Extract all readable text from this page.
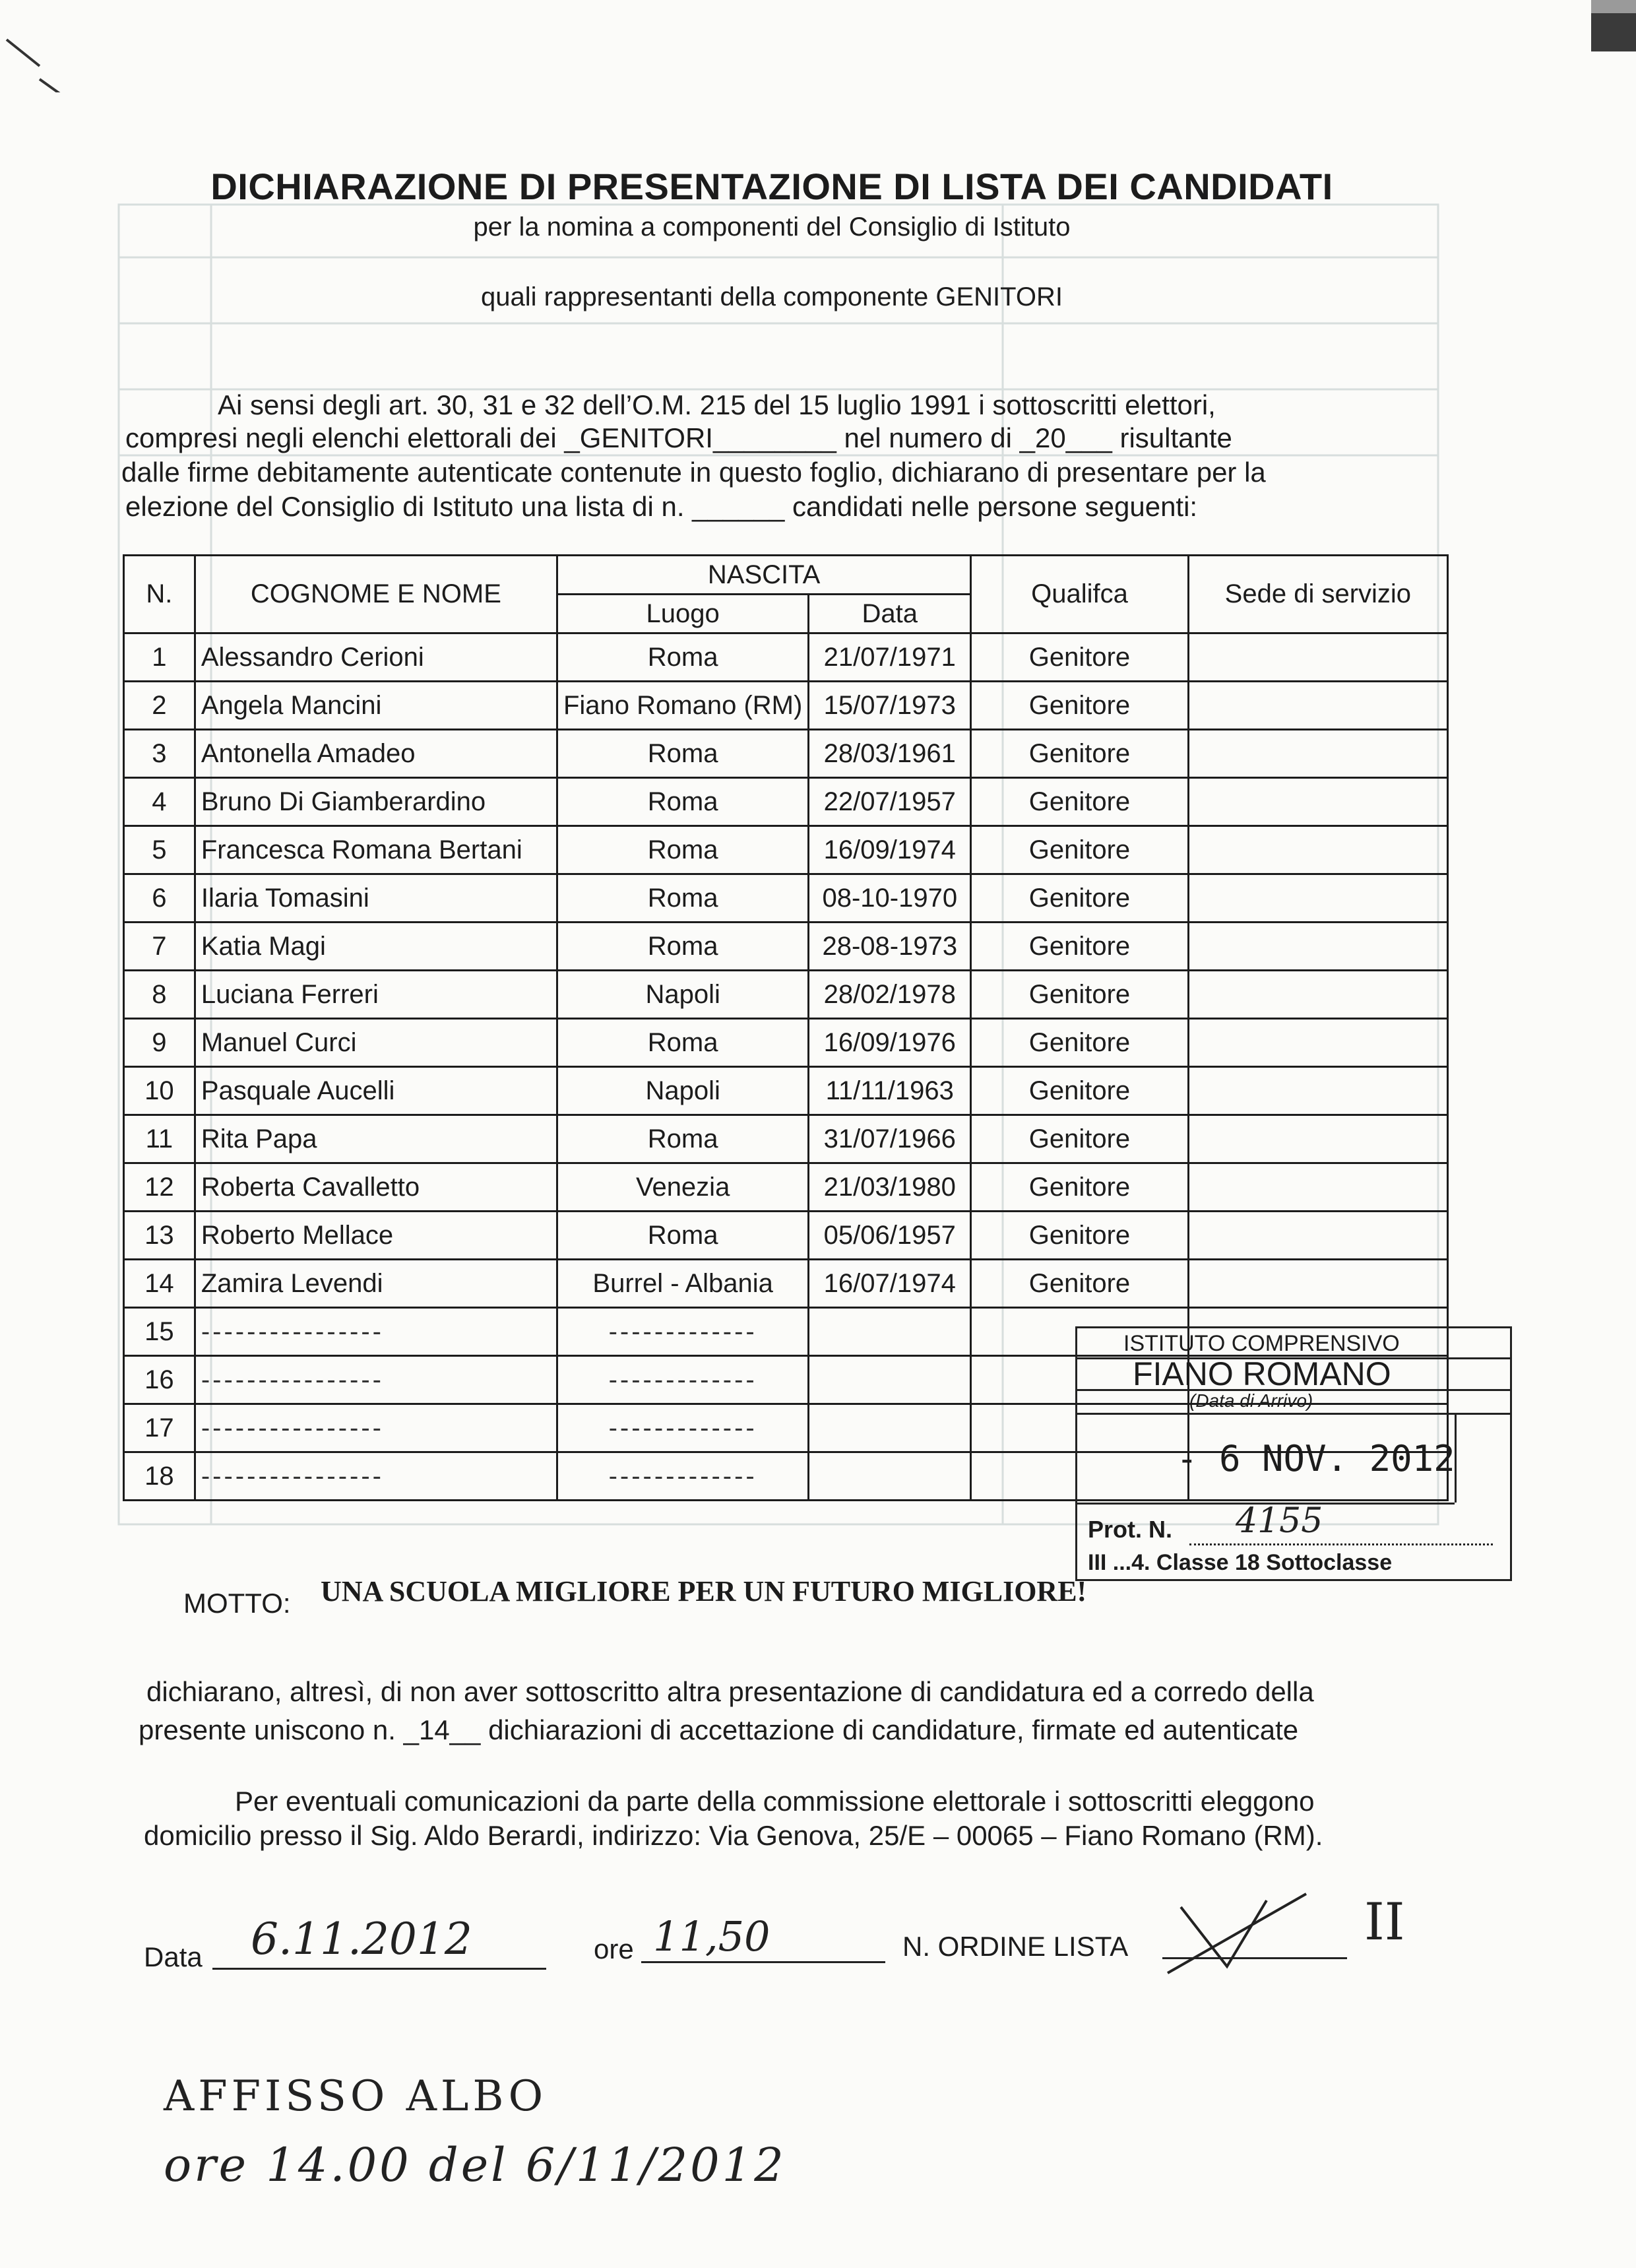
DICHIARAZIONE DI PRESENTAZIONE DI LISTA DEI CANDIDATI
per la nomina a componenti del Consiglio di Istituto
quali rappresentanti della componente GENITORI
Ai sensi degli art. 30, 31 e 32 dell’O.M. 215 del 15 luglio 1991 i sottoscritti elettori,
compresi negli elenchi elettorali dei _GENITORI________ nel numero di _20___ risultante
dalle firme debitamente autenticate contenute in questo foglio, dichiarano di presentare per la
elezione del Consiglio di Istituto una lista di n. ______ candidati nelle persone seguenti:
N.	COGNOME E NOME	NASCITA		Qualifca	Sede di servizio
		Luogo	Data		
1	Alessandro Cerioni	Roma	21/07/1971	Genitore	
2	Angela Mancini	Fiano Romano (RM)	15/07/1973	Genitore	
3	Antonella Amadeo	Roma	28/03/1961	Genitore	
4	Bruno Di Giamberardino	Roma	22/07/1957	Genitore	
5	Francesca Romana Bertani	Roma	16/09/1974	Genitore	
6	Ilaria Tomasini	Roma	08-10-1970	Genitore	
7	Katia Magi	Roma	28-08-1973	Genitore	
8	Luciana Ferreri	Napoli	28/02/1978	Genitore	
9	Manuel Curci	Roma	16/09/1976	Genitore	
10	Pasquale Aucelli	Napoli	11/11/1963	Genitore	
11	Rita Papa	Roma	31/07/1966	Genitore	
12	Roberta Cavalletto	Venezia	21/03/1980	Genitore	
13	Roberto Mellace	Roma	05/06/1957	Genitore	
14	Zamira Levendi	Burrel - Albania	16/07/1974	Genitore	
15	----------------	-------------			
16	----------------	-------------			
17	----------------	-------------			
18	----------------	-------------			
ISTITUTO COMPRENSIVO
FIANO ROMANO
(Data di Arrivo)
- 6 NOV. 2012
Prot. N. 4155
III ...4. Classe 18 Sottoclasse
MOTTO: UNA SCUOLA MIGLIORE PER UN FUTURO MIGLIORE!
dichiarano, altresì, di non aver sottoscritto altra presentazione di candidatura ed a corredo della
presente uniscono n. _14__ dichiarazioni di accettazione di candidature, firmate ed autenticate
Per eventuali comunicazioni da parte della commissione elettorale i sottoscritti eleggono
domicilio presso il Sig. Aldo Berardi, indirizzo: Via Genova, 25/E – 00065 – Fiano Romano (RM).
Data 6.11.2012	ore 11,50	N. ORDINE LISTA	II
AFFISSO ALBO
ore 14.00 del 6/11/2012
